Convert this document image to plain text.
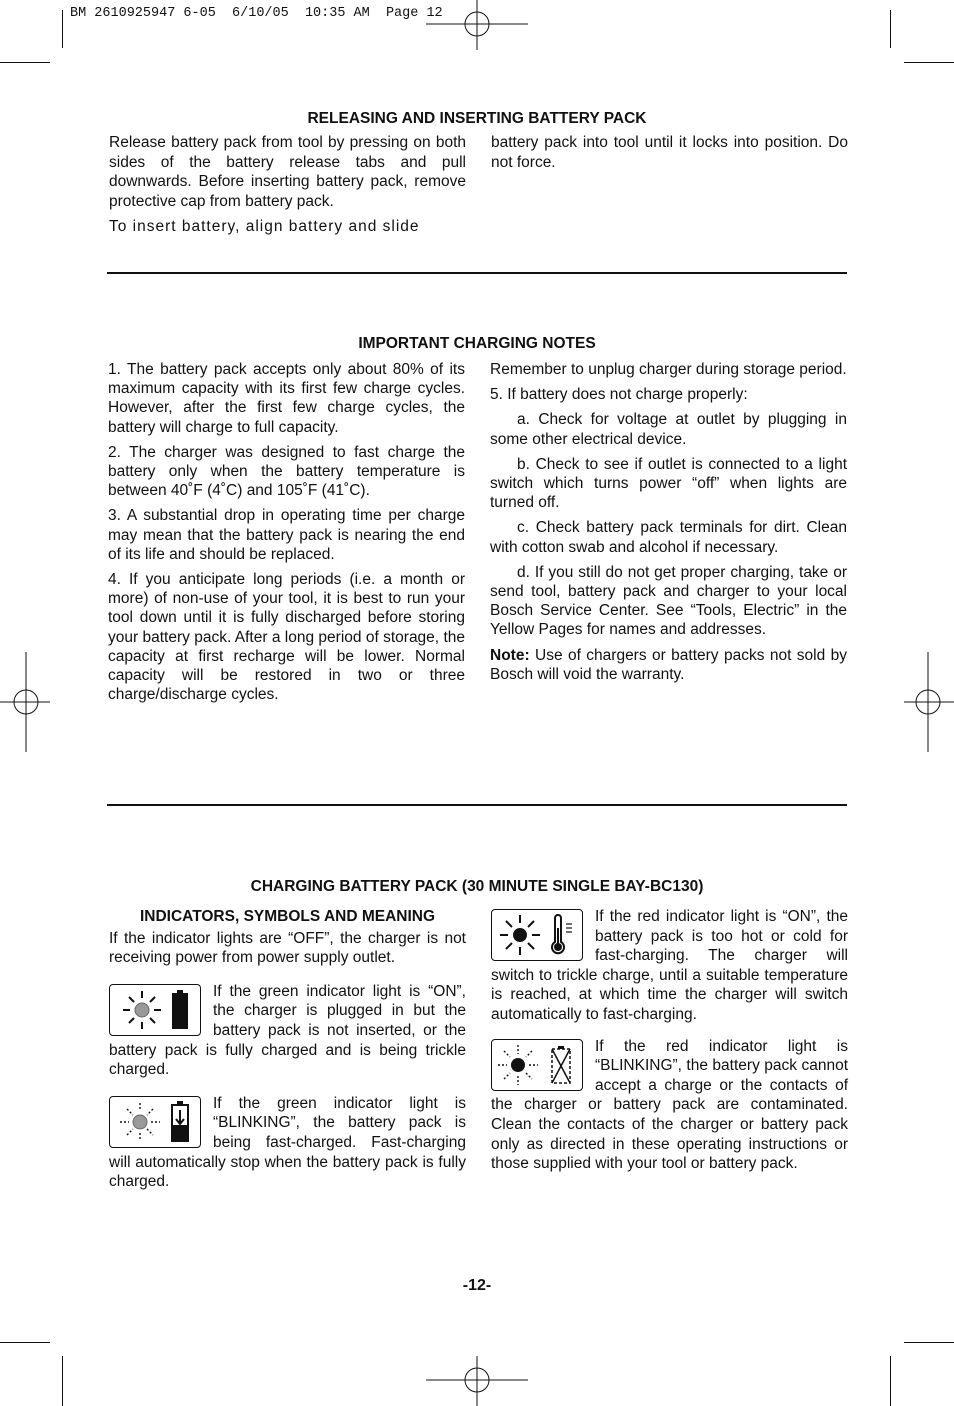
BM 2610925947 6-05  6/10/05  10:35 AM  Page 12
RELEASING AND INSERTING BATTERY PACK

Release battery pack from tool by pressing on both sides of the battery release tabs and pull downwards. Before inserting battery pack, remove protective cap from battery pack.

To insert battery, align battery and slide

battery pack into tool until it locks into position. Do not force.

IMPORTANT CHARGING NOTES

1. The battery pack accepts only about 80% of its maximum capacity with its first few charge cycles. However, after the first few charge cycles, the battery will charge to full capacity.

2. The charger was designed to fast charge the battery only when the battery temperature is between 40˚F (4˚C) and 105˚F (41˚C).

3. A substantial drop in operating time per charge may mean that the battery pack is nearing the end of its life and should be replaced.

4. If you anticipate long periods (i.e. a month or more) of non-use of your tool, it is best to run your tool down until it is fully discharged before storing your battery pack. After a long period of storage, the capacity at first recharge will be lower. Normal capacity will be restored in two or three charge/discharge cycles.

Remember to unplug charger during storage period.

5. If battery does not charge properly:

a. Check for voltage at outlet by plugging in some other electrical device.

b. Check to see if outlet is connected to a light switch which turns power “off” when lights are turned off.

c. Check battery pack terminals for dirt. Clean with cotton swab and alcohol if necessary.

d. If you still do not get proper charging, take or send tool, battery pack and charger to your local Bosch Service Center. See “Tools, Electric” in the Yellow Pages for names and addresses.

Note: Use of chargers or battery packs not sold by Bosch will void the warranty.

CHARGING BATTERY PACK (30 MINUTE SINGLE BAY-BC130)

INDICATORS, SYMBOLS AND MEANING

If the indicator lights are “OFF”, the charger is not receiving power from power supply outlet.

If the green indicator light is “ON”, the charger is plugged in but the battery pack is not inserted, or the battery pack is fully charged and is being trickle charged.

If the green indicator light is “BLINKING”, the battery pack is being fast-charged. Fast-charging will automatically stop when the battery pack is fully charged.

If the red indicator light is “ON”, the battery pack is too hot or cold for fast-charging. The charger will switch to trickle charge, until a suitable temperature is reached, at which time the charger will switch automatically to fast-charging.

If the red indicator light is “BLINKING”, the battery pack cannot accept a charge or the contacts of the charger or battery pack are contaminated. Clean the contacts of the charger or battery pack only as directed in these operating instructions or those supplied with your tool or battery pack.

-12-
